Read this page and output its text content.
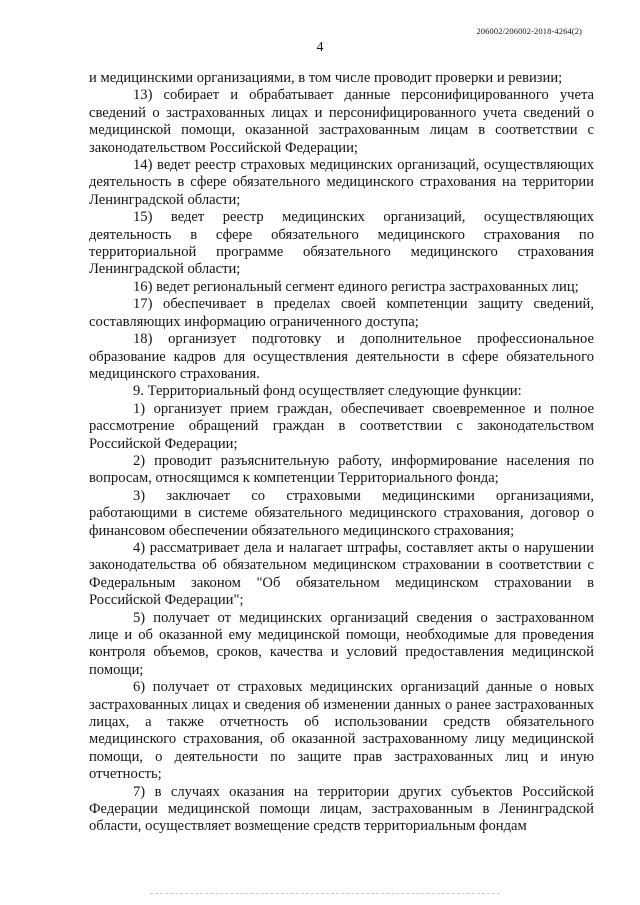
206002/206002-2018-4264(2)
4

и медицинскими организациями, в том числе проводит проверки и ревизии;

13) собирает и обрабатывает данные персонифицированного учета сведений о застрахованных лицах и персонифицированного учета сведений о медицинской помощи, оказанной застрахованным лицам в соответствии с законодательством Российской Федерации;

14) ведет реестр страховых медицинских организаций, осуществляющих деятельность в сфере обязательного медицинского страхования на территории Ленинградской области;

15) ведет реестр медицинских организаций, осуществляющих деятельность в сфере обязательного медицинского страхования по территориальной программе обязательного медицинского страхования Ленинградской области;

16) ведет региональный сегмент единого регистра застрахованных лиц;

17) обеспечивает в пределах своей компетенции защиту сведений, составляющих информацию ограниченного доступа;

18) организует подготовку и дополнительное профессиональное образование кадров для осуществления деятельности в сфере обязательного медицинского страхования.

9. Территориальный фонд осуществляет следующие функции:

1) организует прием граждан, обеспечивает своевременное и полное рассмотрение обращений граждан в соответствии с законодательством Российской Федерации;

2) проводит разъяснительную работу, информирование населения по вопросам, относящимся к компетенции Территориального фонда;

3) заключает со страховыми медицинскими организациями, работающими в системе обязательного медицинского страхования, договор о финансовом обеспечении обязательного медицинского страхования;

4) рассматривает дела и налагает штрафы, составляет акты о нарушении законодательства об обязательном медицинском страховании в соответствии с Федеральным законом "Об обязательном медицинском страховании в Российской Федерации";

5) получает от медицинских организаций сведения о застрахованном лице и об оказанной ему медицинской помощи, необходимые для проведения контроля объемов, сроков, качества и условий предоставления медицинской помощи;

6) получает от страховых медицинских организаций данные о новых застрахованных лицах и сведения об изменении данных о ранее застрахованных лицах, а также отчетность об использовании средств обязательного медицинского страхования, об оказанной застрахованному лицу медицинской помощи, о деятельности по защите прав застрахованных лиц и иную отчетность;

7) в случаях оказания на территории других субъектов Российской Федерации медицинской помощи лицам, застрахованным в Ленинградской области, осуществляет возмещение средств территориальным фондам
